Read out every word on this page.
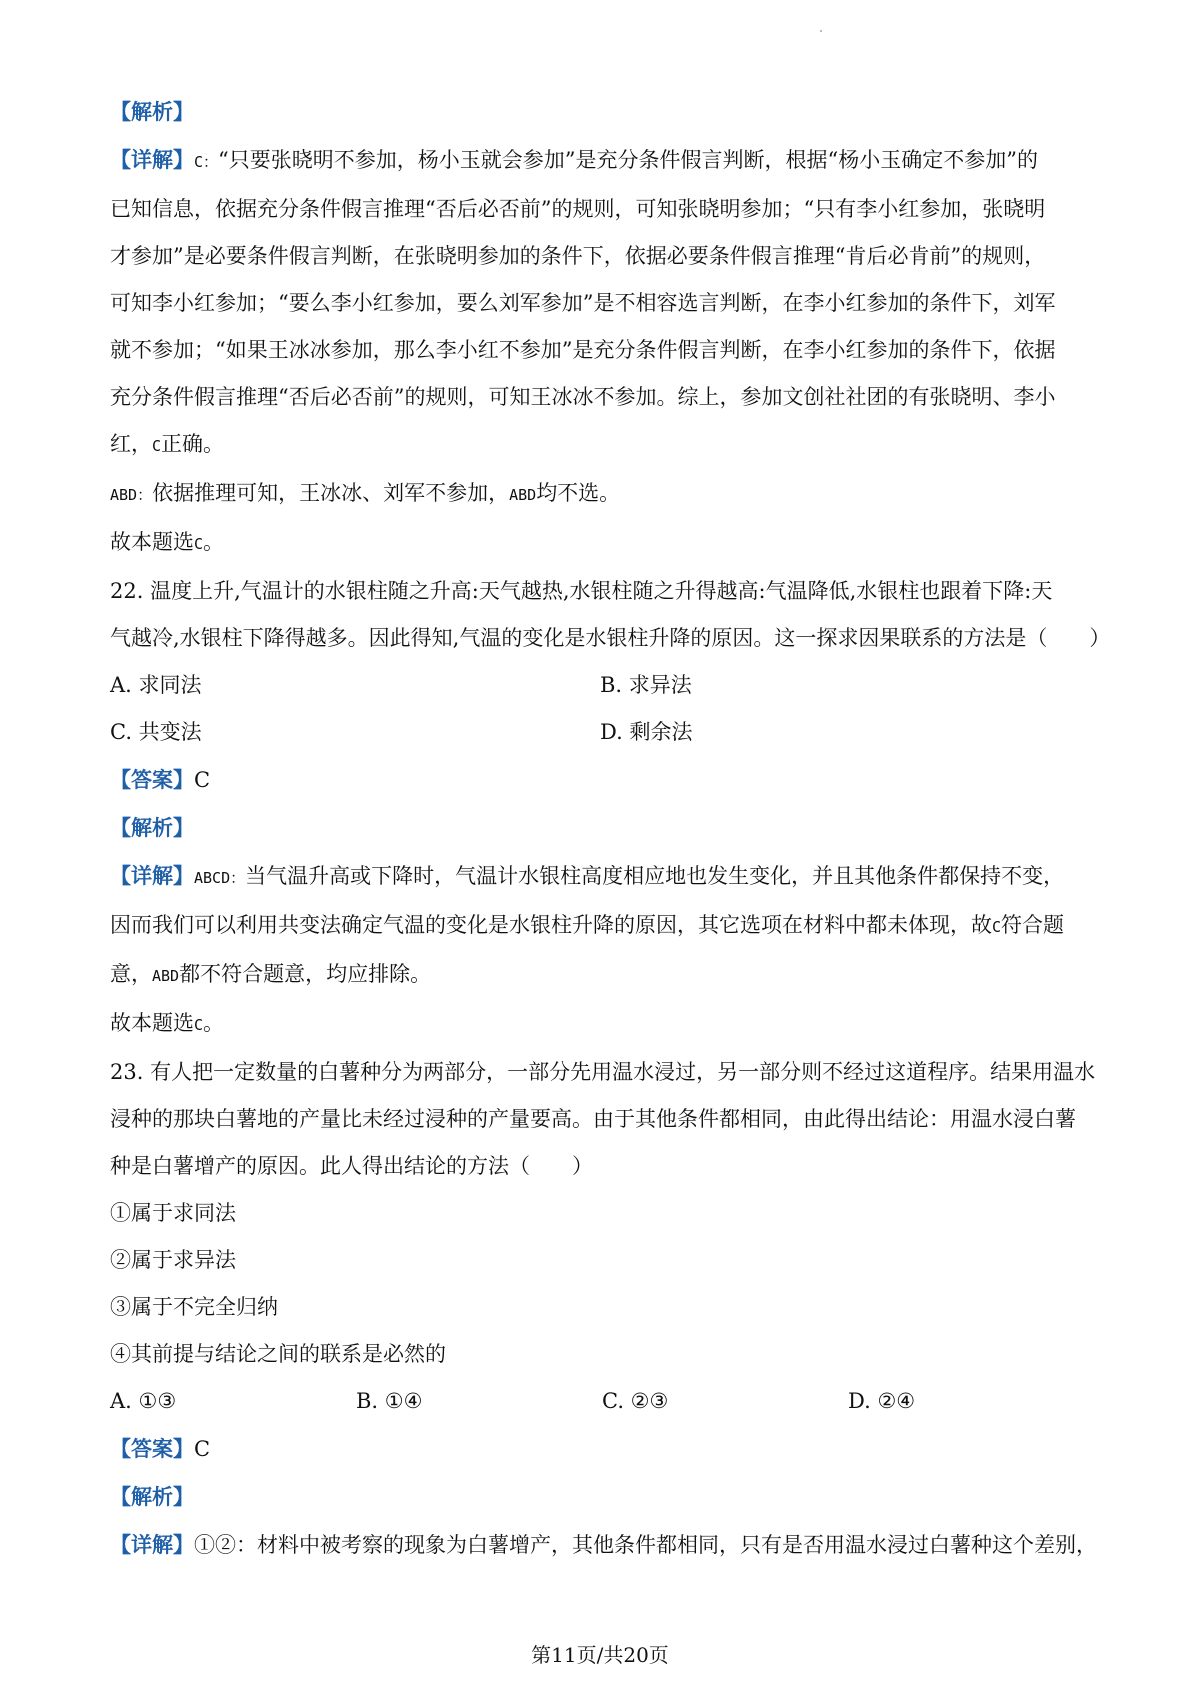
【解析】
【详解】C：“只要张晓明不参加，杨小玉就会参加”是充分条件假言判断，根据“杨小玉确定不参加”的
已知信息，依据充分条件假言推理“否后必否前”的规则，可知张晓明参加；“只有李小红参加，张晓明
才参加”是必要条件假言判断，在张晓明参加的条件下，依据必要条件假言推理“肯后必肯前”的规则，
可知李小红参加；“要么李小红参加，要么刘军参加”是不相容选言判断，在李小红参加的条件下，刘军
就不参加；“如果王冰冰参加，那么李小红不参加”是充分条件假言判断，在李小红参加的条件下，依据
充分条件假言推理“否后必否前”的规则，可知王冰冰不参加。综上，参加文创社社团的有张晓明、李小
红，C正确。
ABD：依据推理可知，王冰冰、刘军不参加，ABD均不选。
故本题选C。
22. 温度上升,气温计的水银柱随之升高:天气越热,水银柱随之升得越高:气温降低,水银柱也跟着下降:天
气越冷,水银柱下降得越多。因此得知,气温的变化是水银柱升降的原因。这一探求因果联系的方法是（　　）
A. 求同法	B. 求异法
C. 共变法	D. 剩余法
【答案】C
【解析】
【详解】ABCD：当气温升高或下降时，气温计水银柱高度相应地也发生变化，并且其他条件都保持不变，
因而我们可以利用共变法确定气温的变化是水银柱升降的原因，其它选项在材料中都未体现，故C符合题
意，ABD都不符合题意，均应排除。
故本题选C。
23. 有人把一定数量的白薯种分为两部分，一部分先用温水浸过，另一部分则不经过这道程序。结果用温水
浸种的那块白薯地的产量比未经过浸种的产量要高。由于其他条件都相同，由此得出结论：用温水浸白薯
种是白薯增产的原因。此人得出结论的方法（　　）
①属于求同法
②属于求异法
③属于不完全归纳
④其前提与结论之间的联系是必然的
A. ①③	B. ①④	C. ②③	D. ②④
【答案】C
【解析】
【详解】①②：材料中被考察的现象为白薯增产，其他条件都相同，只有是否用温水浸过白薯种这个差别，
第11页/共20页
